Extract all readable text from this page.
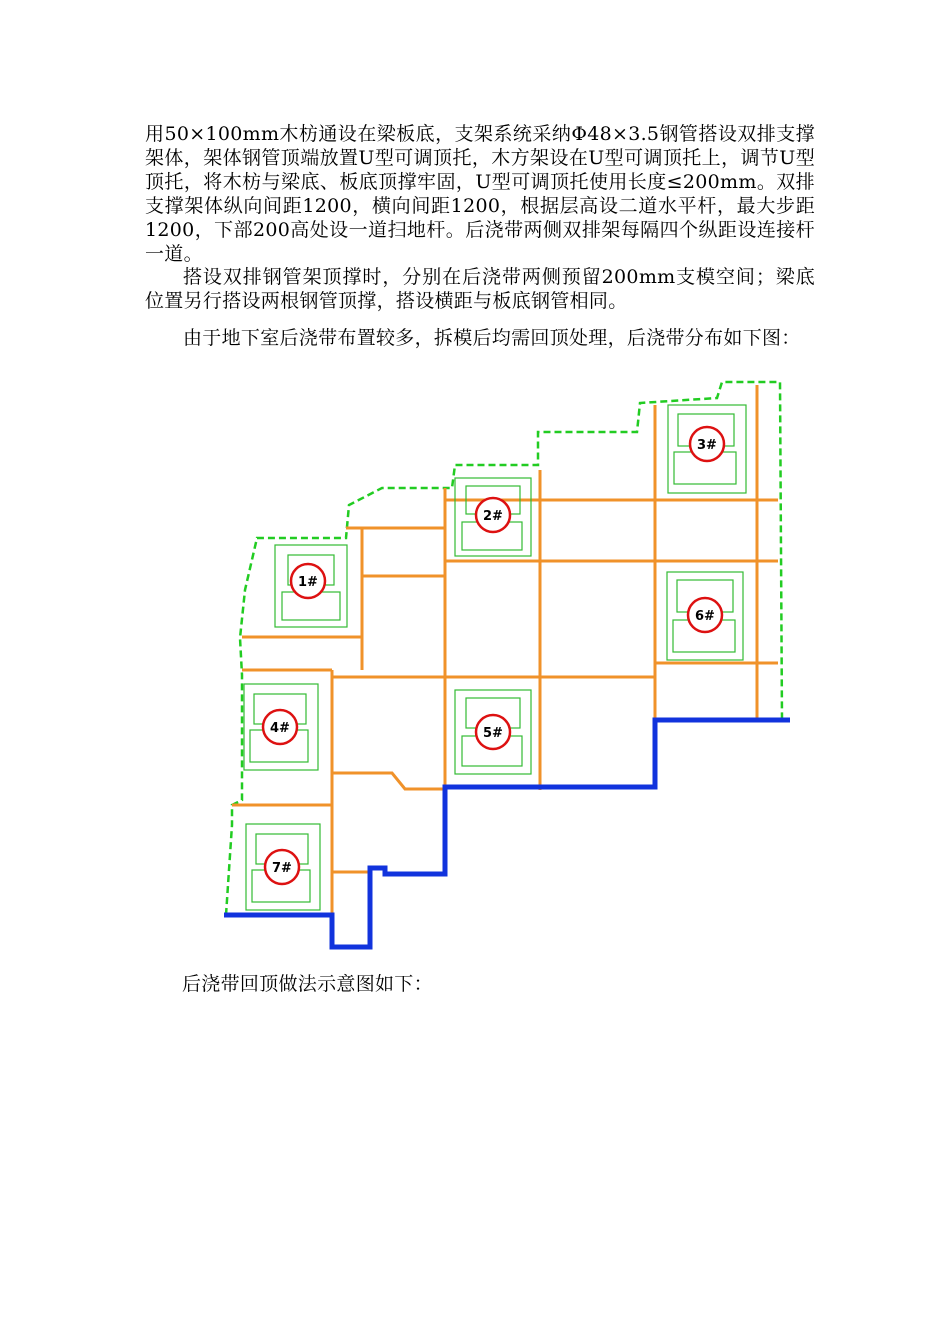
用50×100mm木枋通设在梁板底，支架系统采纳Φ48×3.5钢管搭设双排支撑架体，架体钢管顶端放置U型可调顶托，木方架设在U型可调顶托上，调节U型顶托，将木枋与梁底、板底顶撑牢固，U型可调顶托使用长度≤200mm。双排支撑架体纵向间距1200，横向间距1200，根据层高设二道水平杆，最大步距1200，下部200高处设一道扫地杆。后浇带两侧双排架每隔四个纵距设连接杆一道。

搭设双排钢管架顶撑时，分别在后浇带两侧预留200mm支模空间；梁底位置另行搭设两根钢管顶撑，搭设横距与板底钢管相同。

由于地下室后浇带布置较多，拆模后均需回顶处理，后浇带分布如下图：

1#
2#
3#
4#	5#
6#
7#

后浇带回顶做法示意图如下：
